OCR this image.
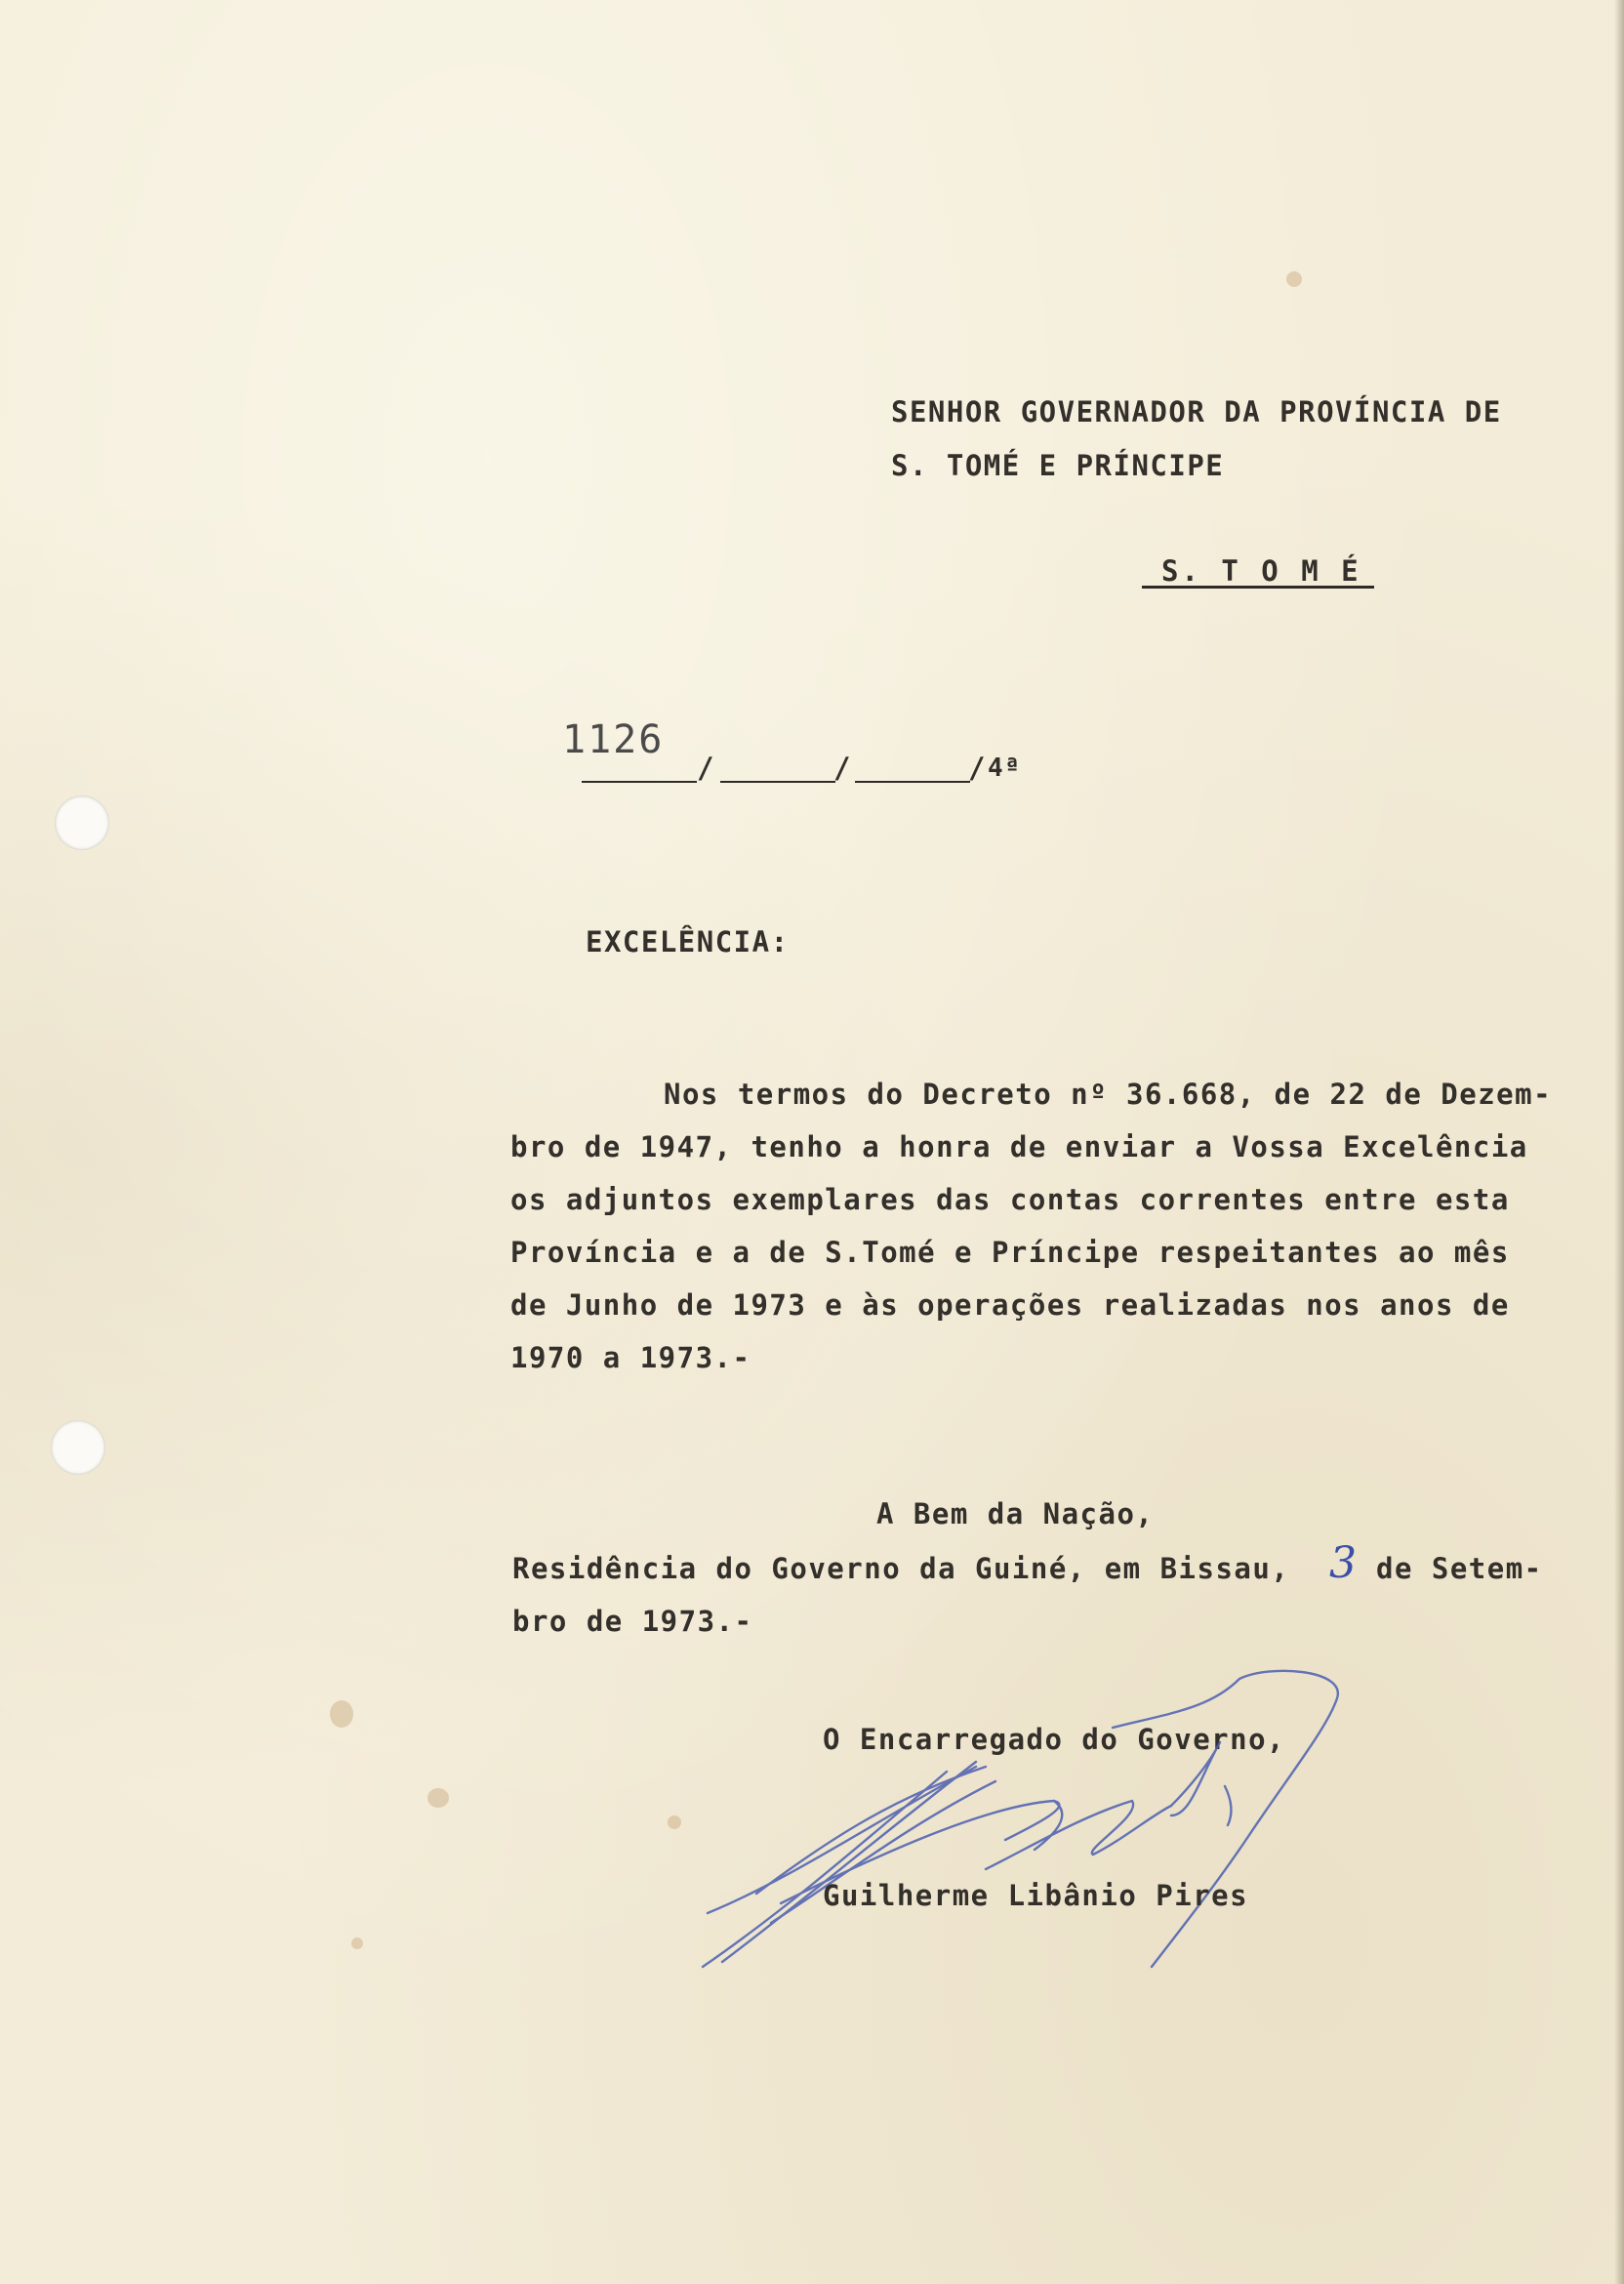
SENHOR GOVERNADOR DA PROVÍNCIA DE
S. TOMÉ E PRÍNCIPE
S. T O M É
1126
/	/	/ 4ª
EXCELÊNCIA:
Nos termos do Decreto nº 36.668, de 22 de Dezem-
bro de 1947, tenho a honra de enviar a Vossa Excelência
os adjuntos exemplares das contas correntes entre esta
Província e a de S.Tomé e Príncipe respeitantes ao mês
de Junho de 1973 e às operações realizadas nos anos de
1970 a 1973.-
A Bem da Nação,
Residência do Governo da Guiné, em Bissau, 3 de Setem-
bro de 1973.-
O Encarregado do Governo,
Guilherme Libânio Pires
